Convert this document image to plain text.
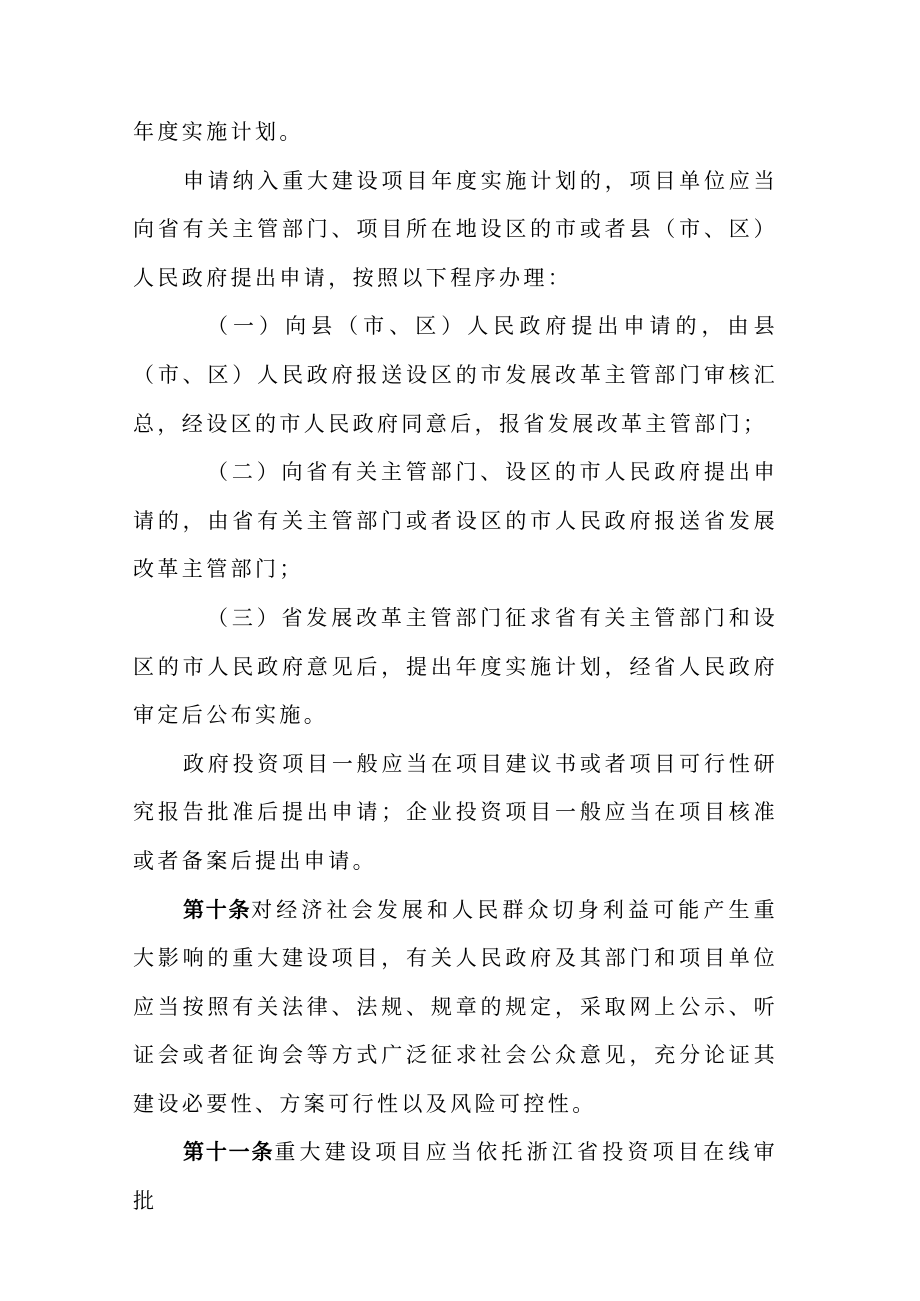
年度实施计划。

申请纳入重大建设项目年度实施计划的，项目单位应当向省有关主管部门、项目所在地设区的市或者县（市、区）人民政府提出申请，按照以下程序办理：

（一）向县（市、区）人民政府提出申请的，由县（市、区）人民政府报送设区的市发展改革主管部门审核汇总，经设区的市人民政府同意后，报省发展改革主管部门；

（二）向省有关主管部门、设区的市人民政府提出申请的，由省有关主管部门或者设区的市人民政府报送省发展改革主管部门；

（三）省发展改革主管部门征求省有关主管部门和设区的市人民政府意见后，提出年度实施计划，经省人民政府审定后公布实施。

政府投资项目一般应当在项目建议书或者项目可行性研究报告批准后提出申请；企业投资项目一般应当在项目核准或者备案后提出申请。

第十条对经济社会发展和人民群众切身利益可能产生重大影响的重大建设项目，有关人民政府及其部门和项目单位应当按照有关法律、法规、规章的规定，采取网上公示、听证会或者征询会等方式广泛征求社会公众意见，充分论证其建设必要性、方案可行性以及风险可控性。

第十一条重大建设项目应当依托浙江省投资项目在线审批
